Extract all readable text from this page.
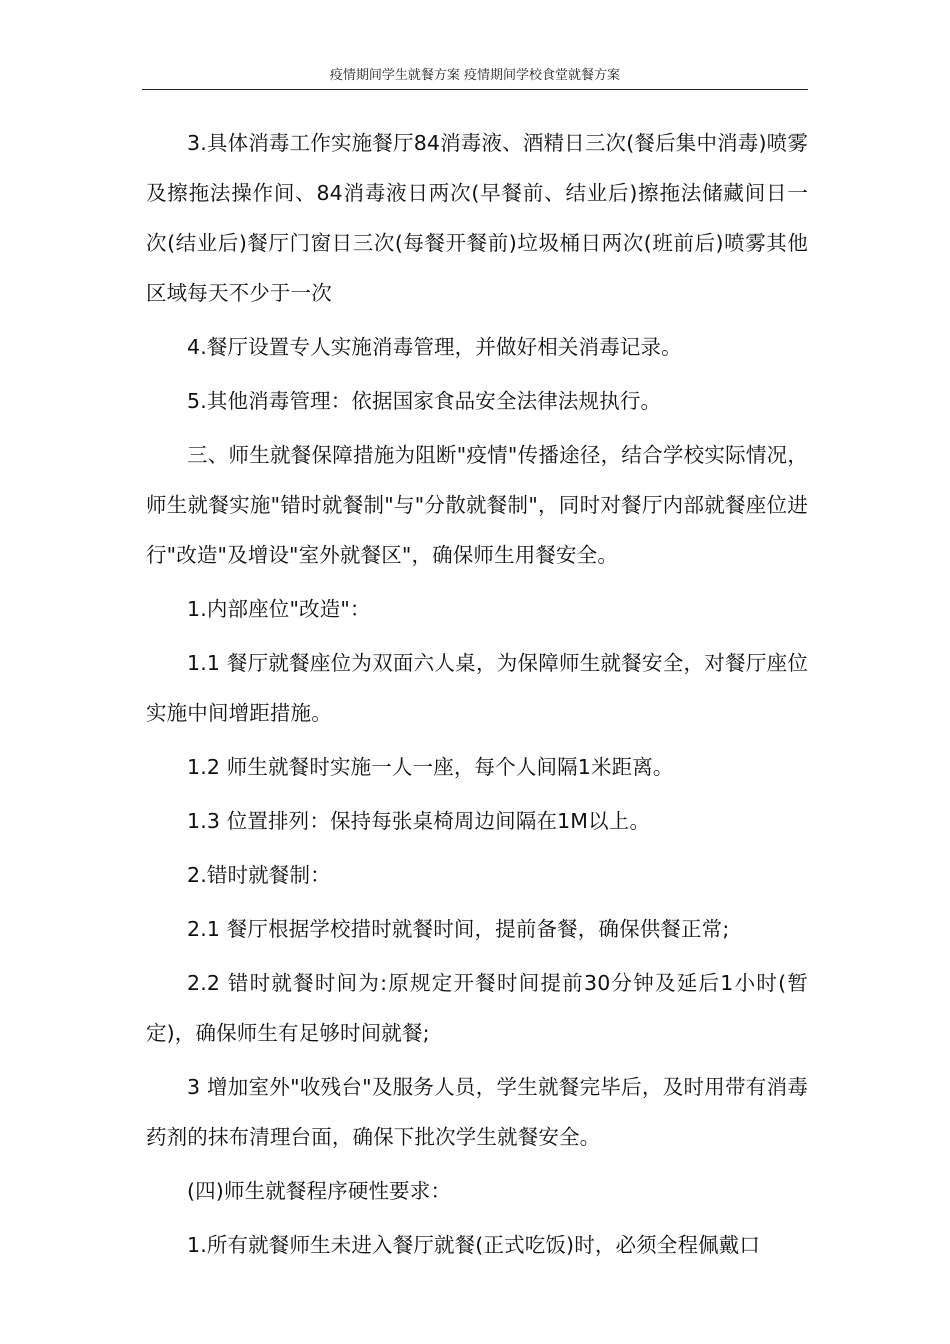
疫情期间学生就餐方案 疫情期间学校食堂就餐方案

3.具体消毒工作实施餐厅84消毒液、酒精日三次(餐后集中消毒)喷雾及擦拖法操作间、84消毒液日两次(早餐前、结业后)擦拖法储藏间日一次(结业后)餐厅门窗日三次(每餐开餐前)垃圾桶日两次(班前后)喷雾其他区域每天不少于一次

4.餐厅设置专人实施消毒管理，并做好相关消毒记录。

5.其他消毒管理：依据国家食品安全法律法规执行。

三、师生就餐保障措施为阻断"疫情"传播途径，结合学校实际情况，师生就餐实施"错时就餐制"与"分散就餐制"，同时对餐厅内部就餐座位进行"改造"及增设"室外就餐区"，确保师生用餐安全。

1.内部座位"改造"：

1.1 餐厅就餐座位为双面六人桌，为保障师生就餐安全，对餐厅座位实施中间增距措施。

1.2 师生就餐时实施一人一座，每个人间隔1米距离。

1.3 位置排列：保持每张桌椅周边间隔在1M以上。

2.错时就餐制：

2.1 餐厅根据学校措时就餐时间，提前备餐，确保供餐正常;

2.2 错时就餐时间为:原规定开餐时间提前30分钟及延后1小时(暂定)，确保师生有足够时间就餐;

3 增加室外"收残台"及服务人员，学生就餐完毕后，及时用带有消毒药剂的抹布清理台面，确保下批次学生就餐安全。

(四)师生就餐程序硬性要求：

1.所有就餐师生未进入餐厅就餐(正式吃饭)时，必须全程佩戴口
